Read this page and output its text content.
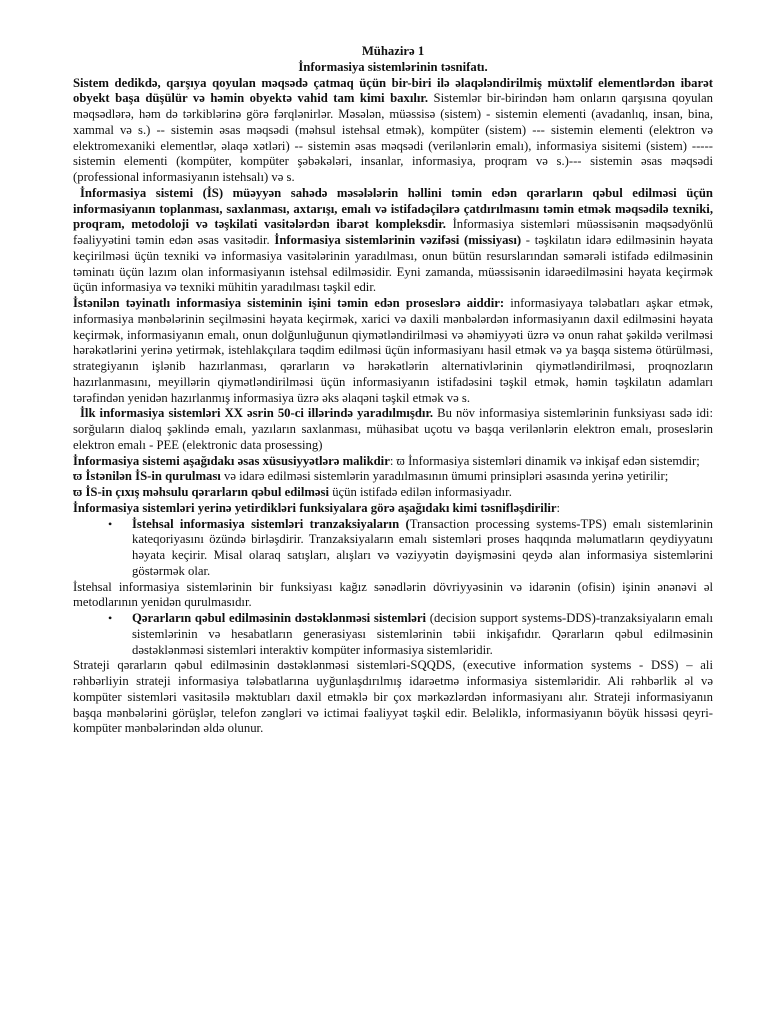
Mühazirə 1

İnformasiya sistemlərinin təsnifatı.

Sistem dedikdə, qarşıya qoyulan məqsədə çatmaq üçün bir-biri ilə əlaqələndirilmiş müxtəlif elementlərdən ibarət obyekt başa düşülür və həmin obyektə vahid tam kimi baxılır. Sistemlər bir-birindən həm onların qarşısına qoyulan məqsədlərə, həm də tərkiblərinə görə fərqlənirlər. Məsələn, müəssisə (sistem) - sistemin elementi (avadanlıq, insan, bina, xammal və s.) -- sistemin əsas məqsədi (məhsul istehsal etmək), kompüter (sistem) --- sistemin elementi (elektron və elektromexaniki elementlər, əlaqə xətləri) -- sistemin əsas məqsədi (verilənlərin emalı), informasiya sisitemi (sistem) ----- sistemin elementi (kompüter, kompüter şəbəkələri, insanlar, informasiya, proqram və s.)--- sistemin əsas məqsədi (professional informasiyanın istehsalı) və s.

İnformasiya sistemi (İS) müəyyən sahədə məsələlərin həllini təmin edən qərarların qəbul edilməsi üçün informasiyanın toplanması, saxlanması, axtarışı, emalı və istifadəçilərə çatdırılmasını təmin etmək məqsədilə texniki, proqram, metodoloji və təşkilati vasitələrdən ibarət kompleksdir. İnformasiya sistemləri müəssisənin məqsədyönlü fəaliyyətini təmin edən əsas vasitədir. İnformasiya sistemlərinin vəzifəsi (missiyası) - təşkilatın idarə edilməsinin həyata keçirilməsi üçün texniki və informasiya vasitələrinin yaradılması, onun bütün resurslarından səmərəli istifadə edilməsinin təminatı üçün lazım olan informasiyanın istehsal edilməsidir. Eyni zamanda, müəssisənin idarəedilməsini həyata keçirmək üçün informasiya və texniki mühitin yaradılması təşkil edir.

İstənilən təyinatlı informasiya sisteminin işini təmin edən proseslərə aiddir: informasiyaya tələbatları aşkar etmək, informasiya mənbələrinin seçilməsini həyata keçirmək, xarici və daxili mənbələrdən informasiyanın daxil edilməsini həyata keçirmək, informasiyanın emalı, onun dolğunluğunun qiymətləndirilməsi və əhəmiyyəti üzrə və onun rahat şəkildə verilməsi hərəkətlərini yerinə yetirmək, istehlakçılara təqdim edilməsi üçün informasiyanı hasil etmək və ya başqa sistemə ötürülməsi, strategiyanın işlənib hazırlanması, qərarların və hərəkətlərin alternativlərinin qiymətləndirilməsi, proqnozların hazırlanmasını, meyillərin qiymətləndirilməsi üçün informasiyanın istifadəsini təşkil etmək, həmin təşkilatın adamları tərəfindən yenidən hazırlanmış informasiya üzrə əks əlaqəni təşkil etmək və s.

İlk informasiya sistemləri XX əsrin 50-ci illərində yaradılmışdır. Bu növ informasiya sistemlərinin funksiyası sadə idi: sorğuların dialoq şəklində emalı, yazıların saxlanması, mühasibat uçotu və başqa verilənlərin elektron emalı, proseslərin elektron emalı - PEE (elektronic data prosessing)

İnformasiya sistemi aşağıdakı əsas xüsusiyyətlərə malikdir: ϖ İnformasiya sistemləri dinamik və inkişaf edən sistemdir;

ϖ İstənilən İS-in qurulması və idarə edilməsi sistemlərin yaradılmasının ümumi prinsipləri əsasında yerinə yetirilir;

ϖ İS-in çıxış məhsulu qərarların qəbul edilməsi üçün istifadə edilən informasiyadır.

İnformasiya sistemləri yerinə yetirdikləri funksiyalara görə aşağıdakı kimi təsnifləşdirilir:

• İstehsal informasiya sistemləri tranzaksiyaların (Transaction processing systems-TPS) emalı sistemlərinin kateqoriyasını özündə birləşdirir. Tranzaksiyaların emalı sistemləri proses haqqında məlumatların qeydiyyatını həyata keçirir. Misal olaraq satışları, alışları və vəziyyətin dəyişməsini qeydə alan informasiya sistemlərini göstərmək olar.

İstehsal informasiya sistemlərinin bir funksiyası kağız sənədlərin dövriyyəsinin və idarənin (ofisin) işinin ənənəvi əl metodlarının yenidən qurulmasıdır.

• Qərarların qəbul edilməsinin dəstəklənməsi sistemləri (decision support systems-DDS)-tranzaksiyaların emalı sistemlərinin və hesabatların generasiyası sistemlərinin təbii inkişafıdır. Qərarların qəbul edilməsinin dəstəklənməsi sistemləri interaktiv kompüter informasiya sistemləridir.

Strateji qərarların qəbul edilməsinin dəstəklənməsi sistemləri-SQQDS, (executive information systems - DSS) – ali rəhbərliyin strateji informasiya tələbatlarına uyğunlaşdırılmış idarəetmə informasiya sistemləridir. Ali rəhbərlik əl və kompüter sistemləri vasitəsilə məktubları daxil etməklə bir çox mərkəzlərdən informasiyanı alır. Strateji informasiyanın başqa mənbələrini görüşlər, telefon zəngləri və ictimai fəaliyyət təşkil edir. Beləliklə, informasiyanın böyük hissəsi qeyri-kompüter mənbələrindən əldə olunur.
